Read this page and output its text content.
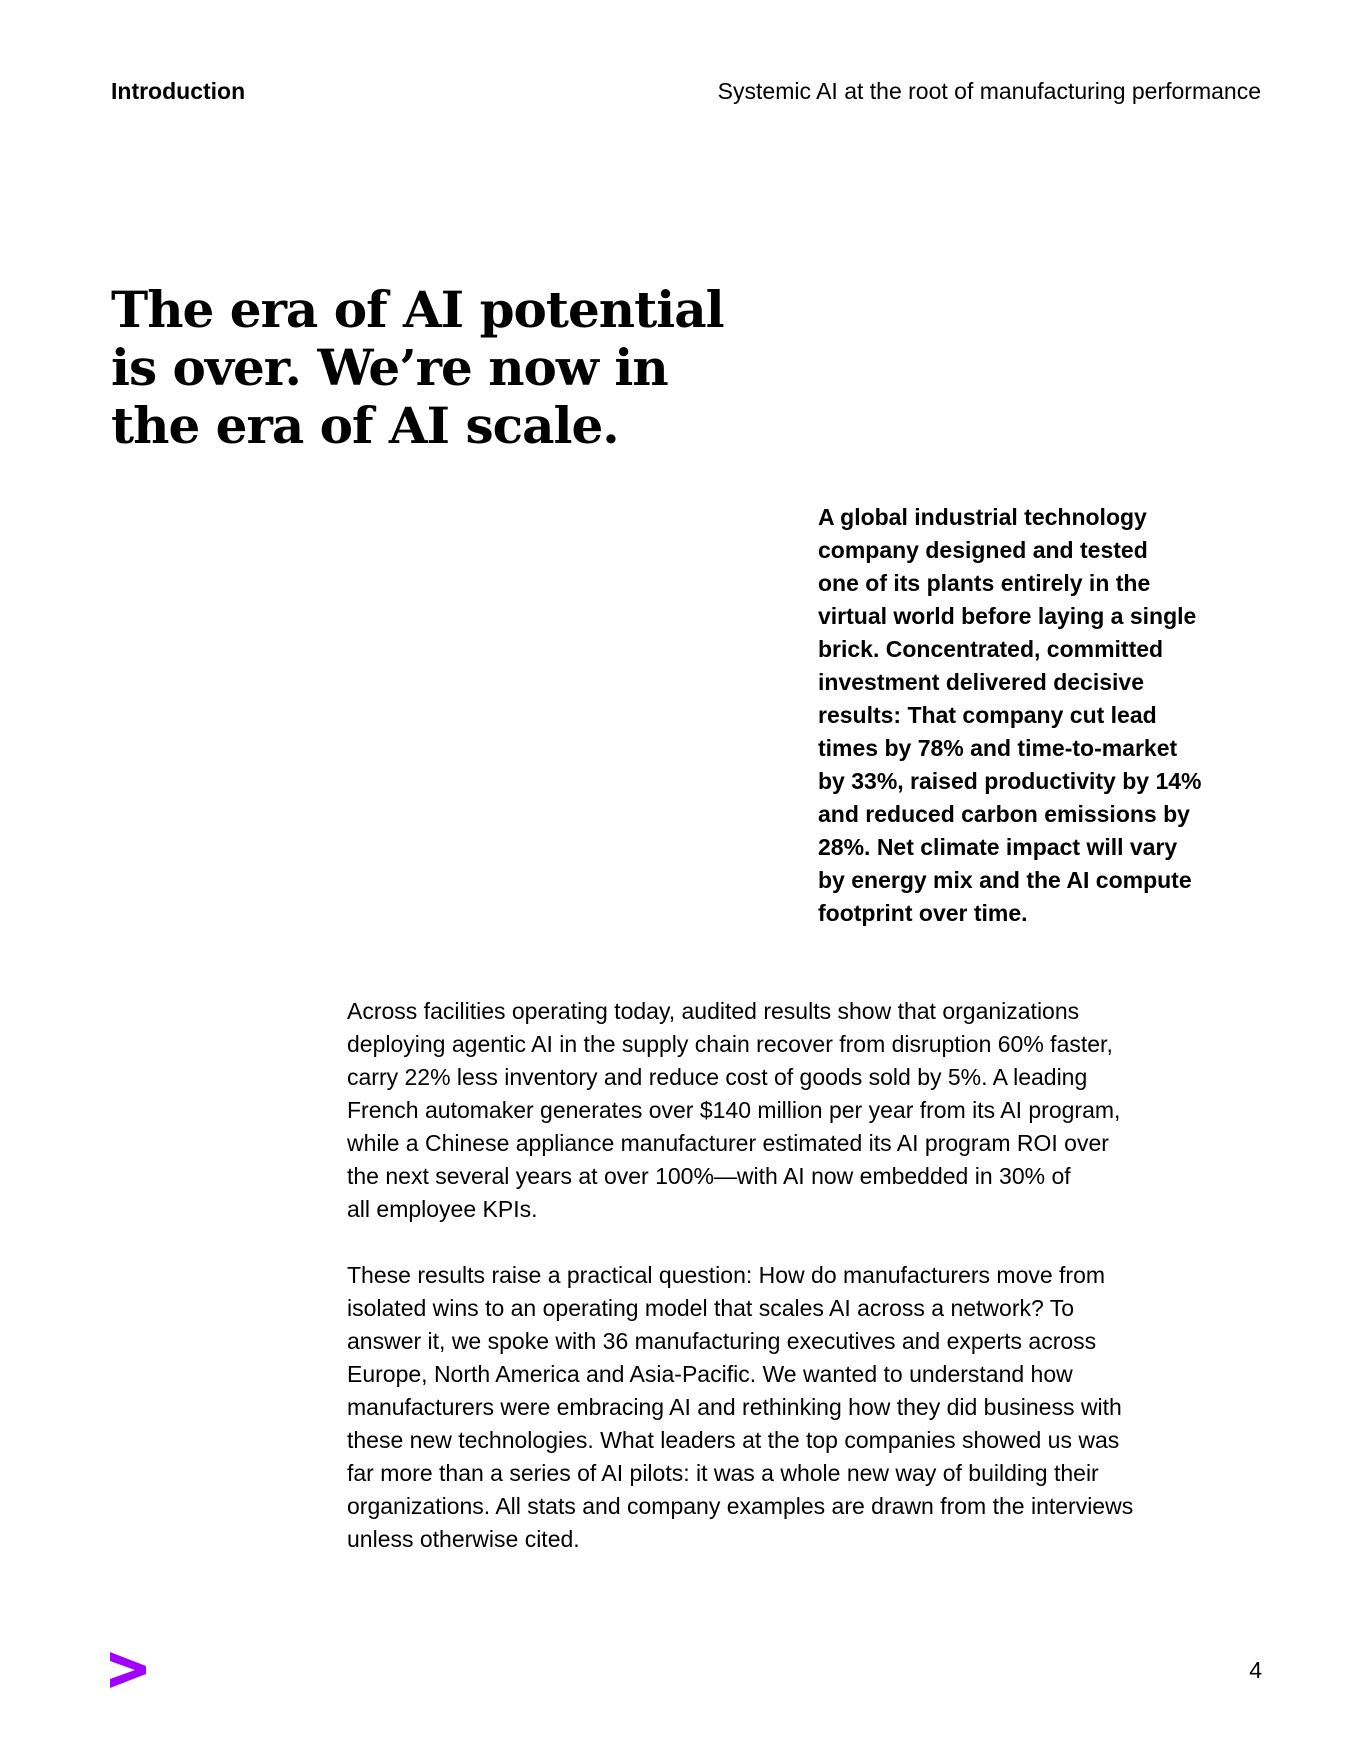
Introduction	Systemic AI at the root of manufacturing performance
The era of AI potential
is over. We’re now in
the era of AI scale.
A global industrial technology
company designed and tested
one of its plants entirely in the
virtual world before laying a single
brick. Concentrated, committed
investment delivered decisive
results: That company cut lead
times by 78% and time-to-market
by 33%, raised productivity by 14%
and reduced carbon emissions by
28%. Net climate impact will vary
by energy mix and the AI compute
footprint over time.

Across facilities operating today, audited results show that organizations
deploying agentic AI in the supply chain recover from disruption 60% faster,
carry 22% less inventory and reduce cost of goods sold by 5%. A leading
French automaker generates over $140 million per year from its AI program,
while a Chinese appliance manufacturer estimated its AI program ROI over
the next several years at over 100%—with AI now embedded in 30% of
all employee KPIs.

These results raise a practical question: How do manufacturers move from
isolated wins to an operating model that scales AI across a network? To
answer it, we spoke with 36 manufacturing executives and experts across
Europe, North America and Asia-Pacific. We wanted to understand how
manufacturers were embracing AI and rethinking how they did business with
these new technologies. What leaders at the top companies showed us was
far more than a series of AI pilots: it was a whole new way of building their
organizations. All stats and company examples are drawn from the interviews
unless otherwise cited.

4
